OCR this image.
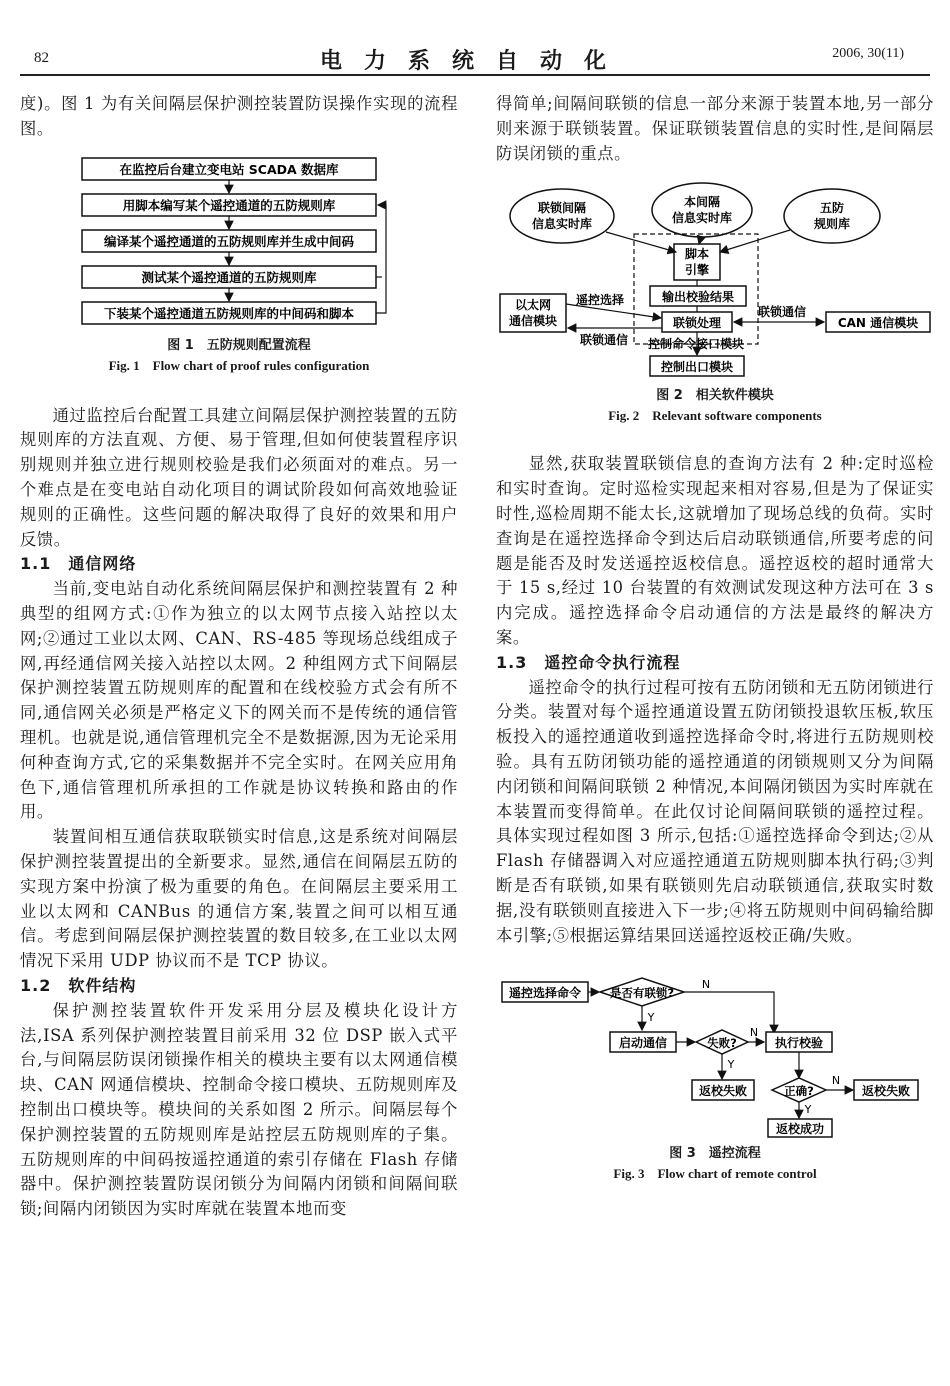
82	电力系统自动化	2006, 30(11)

度)。图 1 为有关间隔层保护测控装置防误操作实现的流程图。

在监控后台建立变电站 SCADA 数据库
用脚本编写某个遥控通道的五防规则库
编译某个遥控通道的五防规则库并生成中间码
测试某个遥控通道的五防规则库
下装某个遥控通道五防规则库的中间码和脚本
图 1　五防规则配置流程
Fig. 1　Flow chart of proof rules configuration

通过监控后台配置工具建立间隔层保护测控装置的五防规则库的方法直观、方便、易于管理,但如何使装置程序识别规则并独立进行规则校验是我们必须面对的难点。另一个难点是在变电站自动化项目的调试阶段如何高效地验证规则的正确性。这些问题的解决取得了良好的效果和用户反馈。

1.1　通信网络

当前,变电站自动化系统间隔层保护和测控装置有 2 种典型的组网方式:①作为独立的以太网节点接入站控以太网;②通过工业以太网、CAN、RS-485 等现场总线组成子网,再经通信网关接入站控以太网。2 种组网方式下间隔层保护测控装置五防规则库的配置和在线校验方式会有所不同,通信网关必须是严格定义下的网关而不是传统的通信管理机。也就是说,通信管理机完全不是数据源,因为无论采用何种查询方式,它的采集数据并不完全实时。在网关应用角色下,通信管理机所承担的工作就是协议转换和路由的作用。

装置间相互通信获取联锁实时信息,这是系统对间隔层保护测控装置提出的全新要求。显然,通信在间隔层五防的实现方案中扮演了极为重要的角色。在间隔层主要采用工业以太网和 CANBus 的通信方案,装置之间可以相互通信。考虑到间隔层保护测控装置的数目较多,在工业以太网情况下采用 UDP 协议而不是 TCP 协议。

1.2　软件结构

保护测控装置软件开发采用分层及模块化设计方法,ISA 系列保护测控装置目前采用 32 位 DSP 嵌入式平台,与间隔层防误闭锁操作相关的模块主要有以太网通信模块、CAN 网通信模块、控制命令接口模块、五防规则库及控制出口模块等。模块间的关系如图 2 所示。间隔层每个保护测控装置的五防规则库是站控层五防规则库的子集。五防规则库的中间码按遥控通道的索引存储在 Flash 存储器中。保护测控装置防误闭锁分为间隔内闭锁和间隔间联锁;间隔内闭锁因为实时库就在装置本地而变

得简单;间隔间联锁的信息一部分来源于装置本地,另一部分则来源于联锁装置。保证联锁装置信息的实时性,是间隔层防误闭锁的重点。

联锁间隔
信息实时库
本间隔
信息实时库
五防
规则库
脚本
引擎
输出校验结果
联锁处理
控制命令接口模块
以太网
通信模块	CAN 通信模块
控制出口模块
遥控选择
联锁通信
联锁通信
图 2　相关软件模块
Fig. 2　Relevant software components

显然,获取装置联锁信息的查询方法有 2 种:定时巡检和实时查询。定时巡检实现起来相对容易,但是为了保证实时性,巡检周期不能太长,这就增加了现场总线的负荷。实时查询是在遥控选择命令到达后启动联锁通信,所要考虑的问题是能否及时发送遥控返校信息。遥控返校的超时通常大于 15 s,经过 10 台装置的有效测试发现这种方法可在 3 s 内完成。遥控选择命令启动通信的方法是最终的解决方案。

1.3　遥控命令执行流程

遥控命令的执行过程可按有五防闭锁和无五防闭锁进行分类。装置对每个遥控通道设置五防闭锁投退软压板,软压板投入的遥控通道收到遥控选择命令时,将进行五防规则校验。具有五防闭锁功能的遥控通道的闭锁规则又分为间隔内闭锁和间隔间联锁 2 种情况,本间隔闭锁因为实时库就在本装置而变得简单。在此仅讨论间隔间联锁的遥控过程。具体实现过程如图 3 所示,包括:①遥控选择命令到达;②从 Flash 存储器调入对应遥控通道五防规则脚本执行码;③判断是否有联锁,如果有联锁则先启动联锁通信,获取实时数据,没有联锁则直接进入下一步;④将五防规则中间码输给脚本引擎;⑤根据运算结果回送遥控返校正确/失败。

遥控选择命令	是否有联锁?
N
Y
启动通信	失败?
N
Y
执行校验
返校失败	正确?
N
Y
返校失败
返校成功
图 3　遥控流程
Fig. 3　Flow chart of remote control
